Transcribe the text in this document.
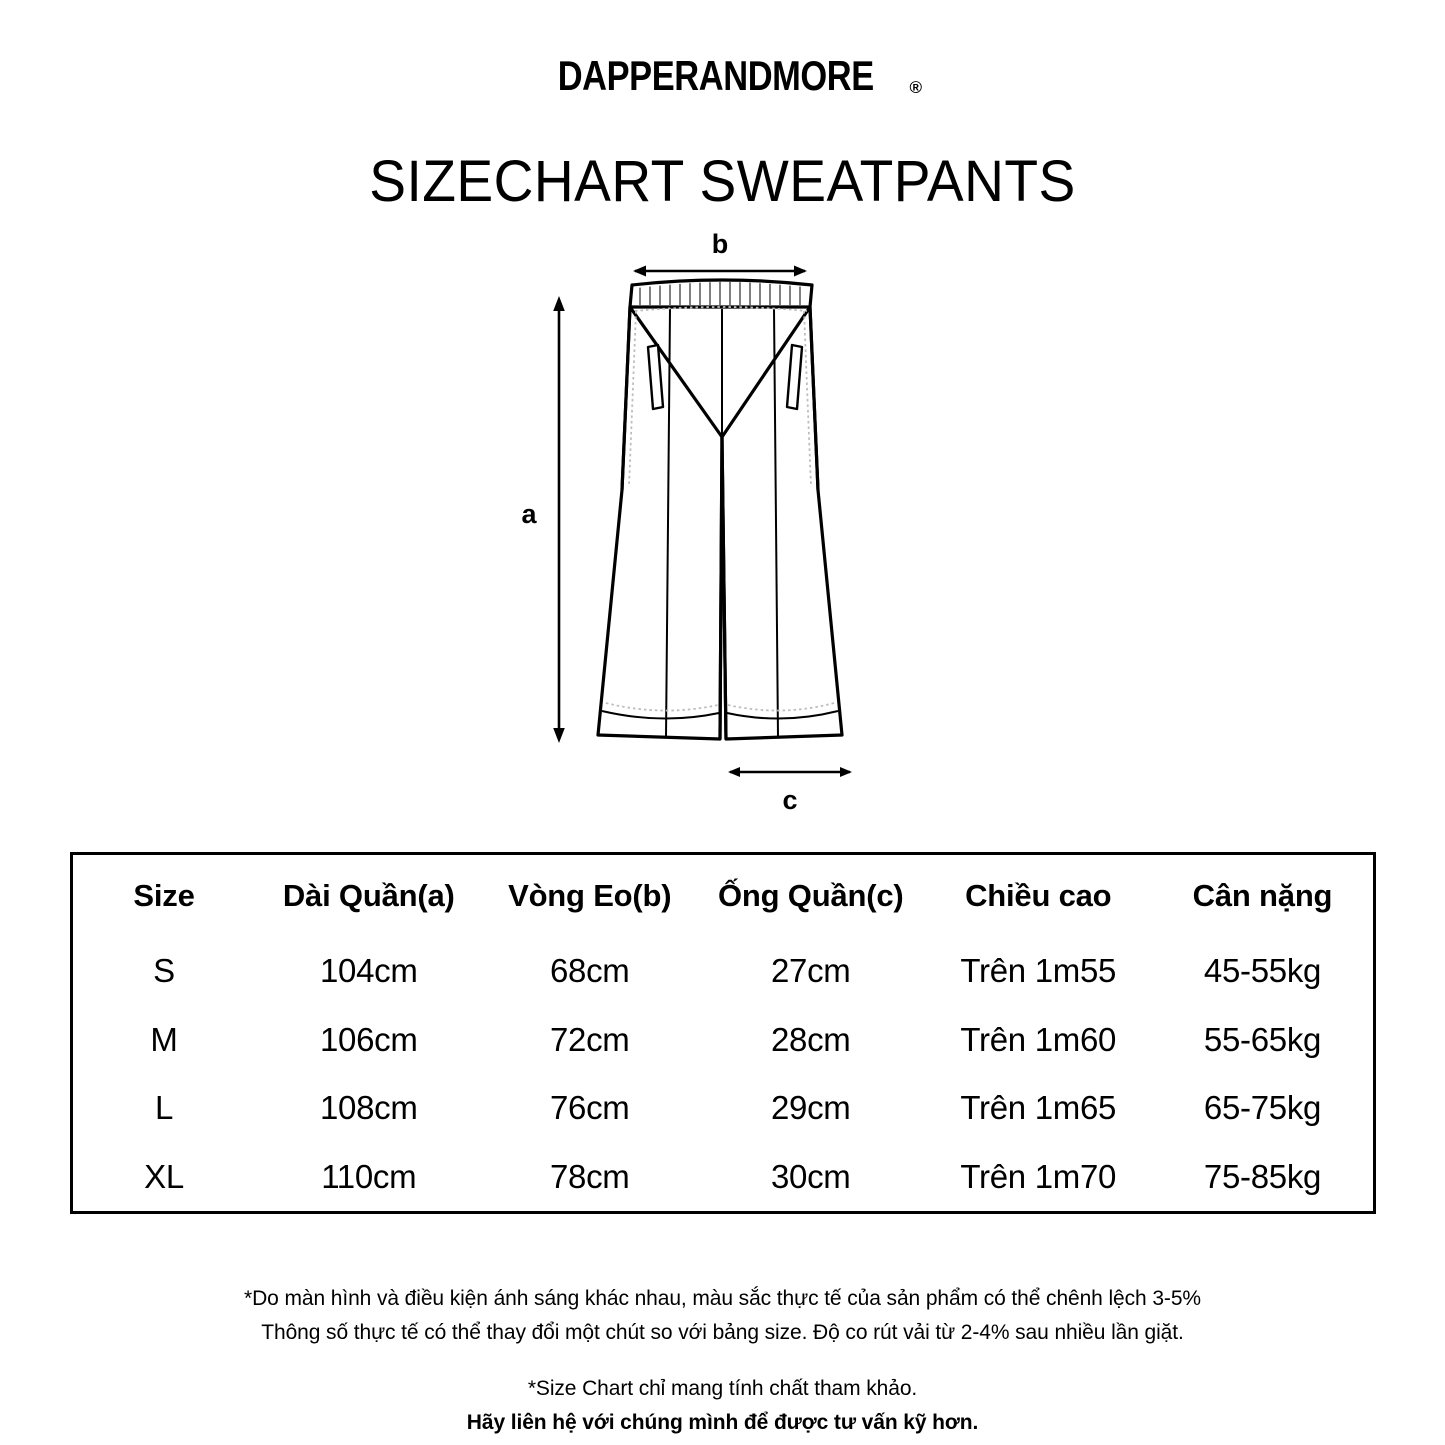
DAPPERANDMORE ®
SIZECHART SWEATPANTS
b
a
c
Size	Dài Quần(a)	Vòng Eo(b)	Ống Quần(c)	Chiều cao	Cân nặng
S	104cm	68cm	27cm	Trên 1m55	45-55kg
M	106cm	72cm	28cm	Trên 1m60	55-65kg
L	108cm	76cm	29cm	Trên 1m65	65-75kg
XL	110cm	78cm	30cm	Trên 1m70	75-85kg
*Do màn hình và điều kiện ánh sáng khác nhau, màu sắc thực tế của sản phẩm có thể chênh lệch 3-5%
Thông số thực tế có thể thay đổi một chút so với bảng size. Độ co rút vải từ 2-4% sau nhiều lần giặt.
*Size Chart chỉ mang tính chất tham khảo.
Hãy liên hệ với chúng mình để được tư vấn kỹ hơn.
